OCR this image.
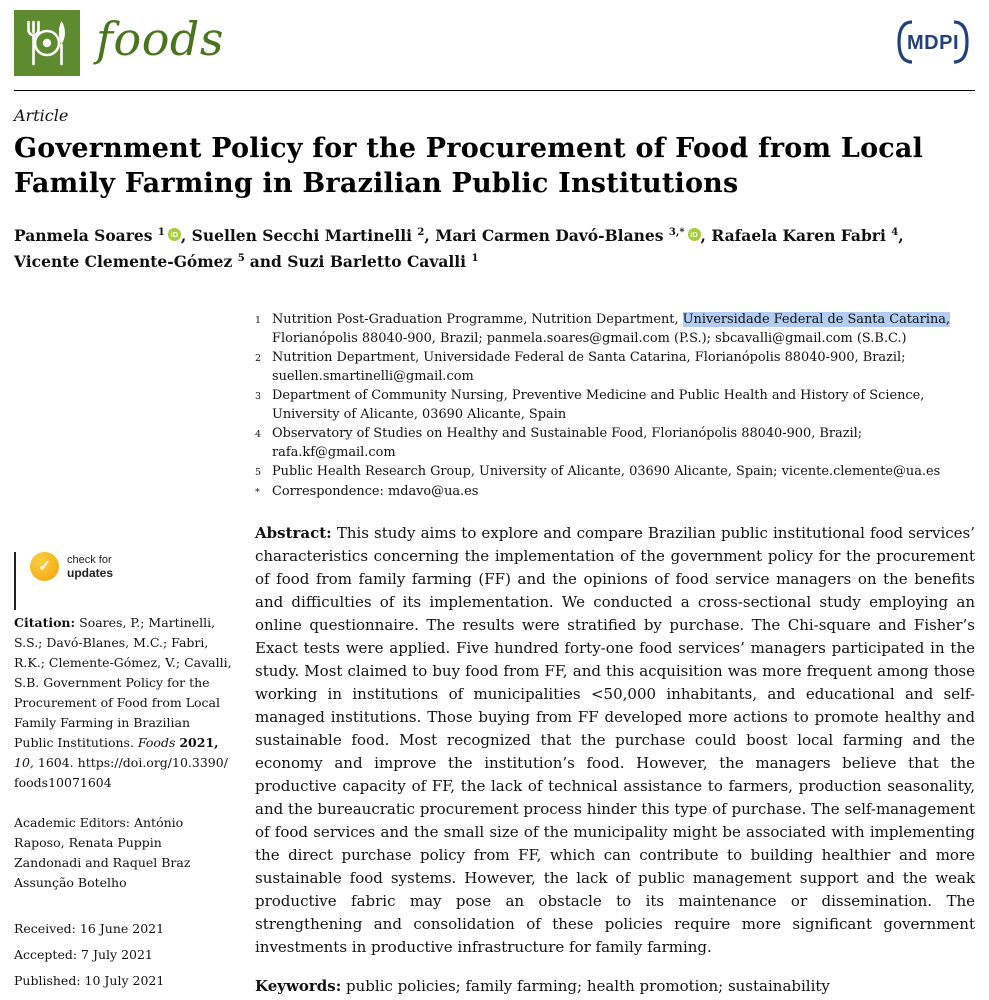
foods	MDPI
Article
Government Policy for the Procurement of Food from Local Family Farming in Brazilian Public Institutions

Panmela Soares $^1$ iD , Suellen Secchi Martinelli $^2$, Mari Carmen Davó-Blanes $^{3,*}$ iD , Rafaela Karen Fabri $^4$,
Vicente Clemente-Gómez $^5$ and Suzi Barletto Cavalli $^1$

1 Nutrition Post-Graduation Programme, Nutrition Department, Universidade Federal de Santa Catarina, Florianópolis 88040-900, Brazil; panmela.soares@gmail.com (P.S.); sbcavalli@gmail.com (S.B.C.)
2 Nutrition Department, Universidade Federal de Santa Catarina, Florianópolis 88040-900, Brazil; suellen.smartinelli@gmail.com
3 Department of Community Nursing, Preventive Medicine and Public Health and History of Science, University of Alicante, 03690 Alicante, Spain
4 Observatory of Studies on Healthy and Sustainable Food, Florianópolis 88040-900, Brazil; rafa.kf@gmail.com
5 Public Health Research Group, University of Alicante, 03690 Alicante, Spain; vicente.clemente@ua.es
* Correspondence: mdavo@ua.es

Abstract: This study aims to explore and compare Brazilian public institutional food services’ characteristics concerning the implementation of the government policy for the procurement of food from family farming (FF) and the opinions of food service managers on the benefits and difficulties of its implementation. We conducted a cross-sectional study employing an online questionnaire. The results were stratified by purchase. The Chi-square and Fisher’s Exact tests were applied. Five hundred forty-one food services’ managers participated in the study. Most claimed to buy food from FF, and this acquisition was more frequent among those working in institutions of municipalities <50,000 inhabitants, and educational and self-managed institutions. Those buying from FF developed more actions to promote healthy and sustainable food. Most recognized that the purchase could boost local farming and the economy and improve the institution’s food. However, the managers believe that the productive capacity of FF, the lack of technical assistance to farmers, production seasonality, and the bureaucratic procurement process hinder this type of purchase. The self-management of food services and the small size of the municipality might be associated with implementing the direct purchase policy from FF, which can contribute to building healthier and more sustainable food systems. However, the lack of public management support and the weak productive fabric may pose an obstacle to its maintenance or dissemination. The strengthening and consolidation of these policies require more significant government investments in productive infrastructure for family farming.

Keywords: public policies; family farming; health promotion; sustainability

✓	check for
updates

Citation: Soares, P.; Martinelli, S.S.; Davó-Blanes, M.C.; Fabri, R.K.; Clemente-Gómez, V.; Cavalli, S.B. Government Policy for the Procurement of Food from Local Family Farming in Brazilian Public Institutions. Foods 2021, 10, 1604. https://doi.org/10.3390/foods10071604

Academic Editors: António Raposo, Renata Puppin Zandonadi and Raquel Braz Assunção Botelho

Received: 16 June 2021
Accepted: 7 July 2021
Published: 10 July 2021
